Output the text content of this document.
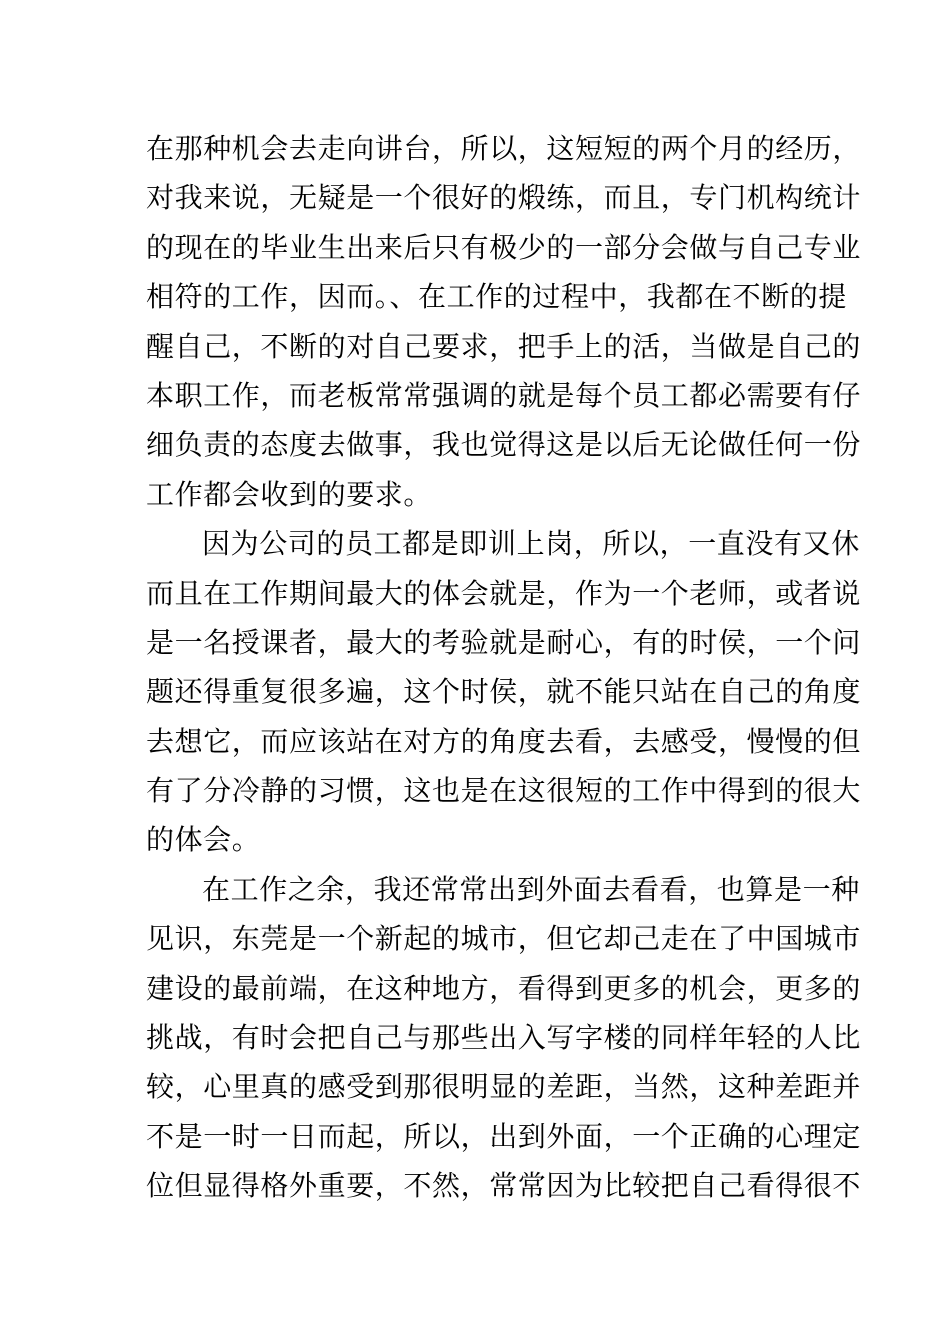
在那种机会去走向讲台，所以，这短短的两个月的经历，
对我来说，无疑是一个很好的煅练，而且，专门机构统计
的现在的毕业生出来后只有极少的一部分会做与自己专业
相符的工作，因而。、在工作的过程中，我都在不断的提
醒自己，不断的对自己要求，把手上的活，当做是自己的
本职工作，而老板常常强调的就是每个员工都必需要有仔
细负责的态度去做事，我也觉得这是以后无论做任何一份
工作都会收到的要求。
因为公司的员工都是即训上岗，所以，一直没有又休
而且在工作期间最大的体会就是，作为一个老师，或者说
是一名授课者，最大的考验就是耐心，有的时侯，一个问
题还得重复很多遍，这个时侯，就不能只站在自己的角度
去想它，而应该站在对方的角度去看，去感受，慢慢的但
有了分冷静的习惯，这也是在这很短的工作中得到的很大
的体会。
在工作之余，我还常常出到外面去看看，也算是一种
见识，东莞是一个新起的城市，但它却己走在了中国城市
建设的最前端，在这种地方，看得到更多的机会，更多的
挑战，有时会把自己与那些出入写字楼的同样年轻的人比
较，心里真的感受到那很明显的差距，当然，这种差距并
不是一时一日而起，所以，出到外面，一个正确的心理定
位但显得格外重要，不然，常常因为比较把自己看得很不
